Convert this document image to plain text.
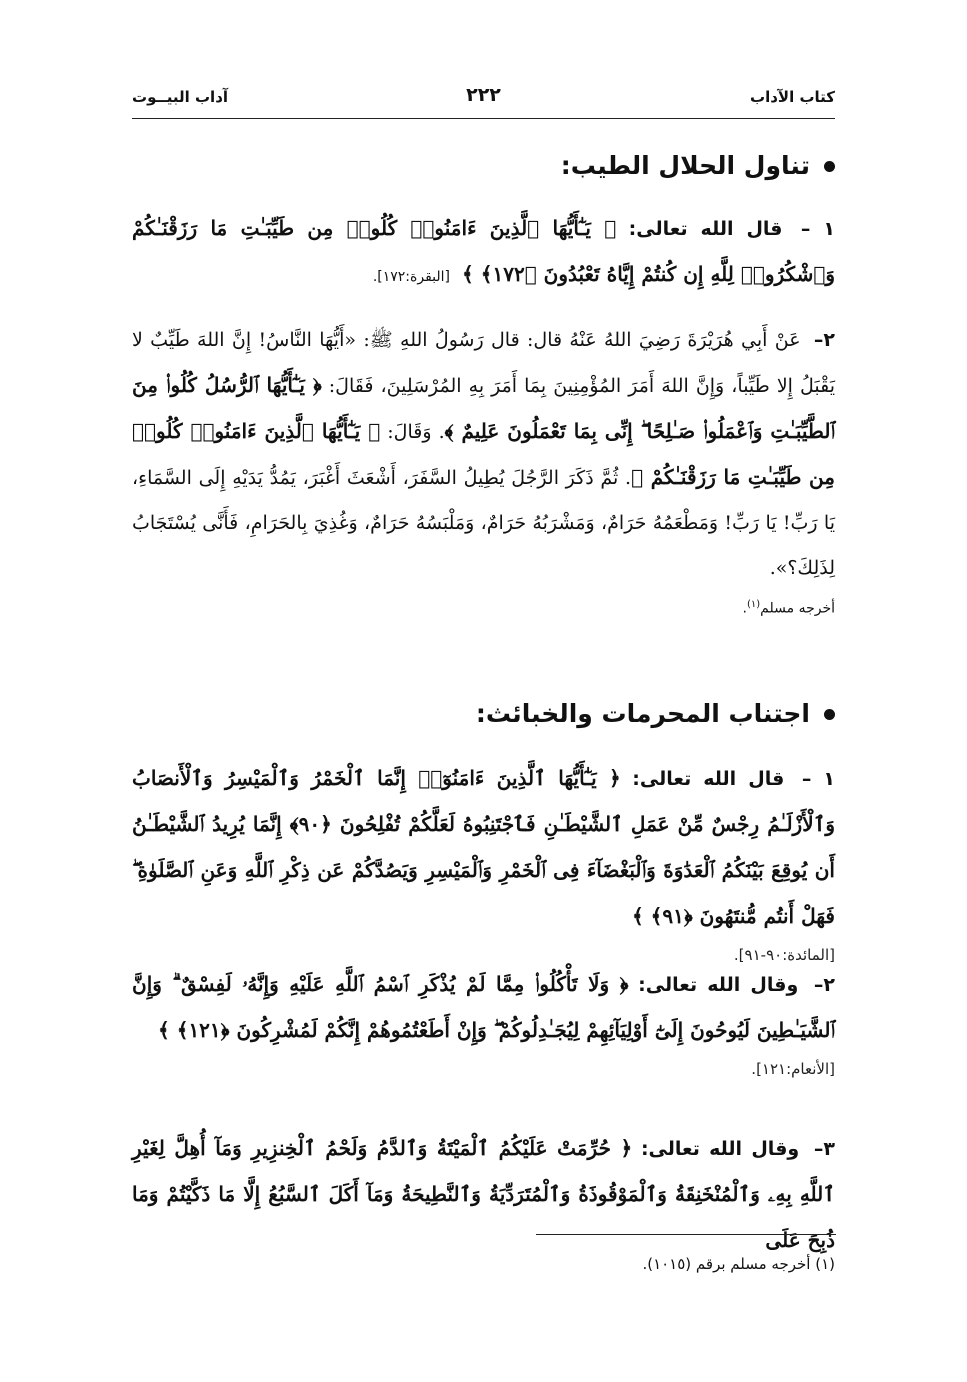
كتاب الآداب
٢٢٢
آداب البيــوت
تناول الحلال الطيب:
١ – قال الله تعالى: ﴿ يَـٰٓأَيُّهَا ٱلَّذِينَ ءَامَنُوا۟ كُلُوا۟ مِن طَيِّبَـٰتِ مَا رَزَقْنَـٰكُمْ وَٱشْكُرُوا۟ لِلَّهِ إِن كُنتُمْ إِيَّاهُ تَعْبُدُونَ ﴿١٧٢﴾ ﴾ [البقرة:١٧٢].
٢– عَنْ أَبِي هُرَيْرَةَ رَضِيَ اللهُ عَنْهُ قال: قال رَسُولُ اللهِ ﷺ: «أَيُّهَا النَّاسُ! إِنَّ اللهَ طَيِّبٌ لا يَقْبَلُ إِلا طَيِّباً، وَإِنَّ اللهَ أَمَرَ المُؤْمِنِينَ بِمَا أَمَرَ بِهِ المُرْسَلِينَ، فَقَالَ: ﴿ يَـٰٓأَيُّهَا ٱلرُّسُلُ كُلُوا۟ مِنَ ٱلطَّيِّبَـٰتِ وَٱعْمَلُوا۟ صَـٰلِحًا ۖ إِنِّى بِمَا تَعْمَلُونَ عَلِيمٌ ﴾. وَقَالَ: ﴿ يَـٰٓأَيُّهَا ٱلَّذِينَ ءَامَنُوا۟ كُلُوا۟ مِن طَيِّبَـٰتِ مَا رَزَقْنَـٰكُمْ ﴾. ثُمَّ ذَكَرَ الرَّجُلَ يُطِيلُ السَّفَرَ، أَشْعَثَ أَغْبَرَ، يَمُدُّ يَدَيْهِ إِلَى السَّمَاءِ، يَا رَبِّ! يَا رَبِّ! وَمَطْعَمُهُ حَرَامٌ، وَمَشْرَبُهُ حَرَامٌ، وَمَلْبَسُهُ حَرَامٌ، وَغُذِيَ بِالحَرَامِ، فَأَنَّى يُسْتَجَابُ لِذَلِكَ؟».
أخرجه مسلم$^{(١)}$.
اجتناب المحرمات والخبائث:
١ – قال الله تعالى: ﴿ يَـٰٓأَيُّهَا ٱلَّذِينَ ءَامَنُوٓا۟ إِنَّمَا ٱلْخَمْرُ وَٱلْمَيْسِرُ وَٱلْأَنصَابُ وَٱلْأَزْلَـٰمُ رِجْسٌ مِّنْ عَمَلِ ٱلشَّيْطَـٰنِ فَٱجْتَنِبُوهُ لَعَلَّكُمْ تُفْلِحُونَ ﴿٩٠﴾ إِنَّمَا يُرِيدُ ٱلشَّيْطَـٰنُ أَن يُوقِعَ بَيْنَكُمُ ٱلْعَدَٰوَةَ وَٱلْبَغْضَآءَ فِى ٱلْخَمْرِ وَٱلْمَيْسِرِ وَيَصُدَّكُمْ عَن ذِكْرِ ٱللَّهِ وَعَنِ ٱلصَّلَوٰةِ ۖ فَهَلْ أَنتُم مُّنتَهُونَ ﴿٩١﴾ ﴾
[المائدة:٩٠-٩١].
٢– وقال الله تعالى: ﴿ وَلَا تَأْكُلُوا۟ مِمَّا لَمْ يُذْكَرِ ٱسْمُ ٱللَّهِ عَلَيْهِ وَإِنَّهُۥ لَفِسْقٌ ۗ وَإِنَّ ٱلشَّيَـٰطِينَ لَيُوحُونَ إِلَىٰٓ أَوْلِيَآئِهِمْ لِيُجَـٰدِلُوكُمْ ۖ وَإِنْ أَطَعْتُمُوهُمْ إِنَّكُمْ لَمُشْرِكُونَ ﴿١٢١﴾ ﴾
[الأنعام:١٢١].
٣– وقال الله تعالى: ﴿ حُرِّمَتْ عَلَيْكُمُ ٱلْمَيْتَةُ وَٱلدَّمُ وَلَحْمُ ٱلْخِنزِيرِ وَمَآ أُهِلَّ لِغَيْرِ ٱللَّهِ بِهِۦ وَٱلْمُنْخَنِقَةُ وَٱلْمَوْقُوذَةُ وَٱلْمُتَرَدِّيَةُ وَٱلنَّطِيحَةُ وَمَآ أَكَلَ ٱلسَّبُعُ إِلَّا مَا ذَكَّيْتُمْ وَمَا ذُبِحَ عَلَى
(١) أخرجه مسلم برقم (١٠١٥).
